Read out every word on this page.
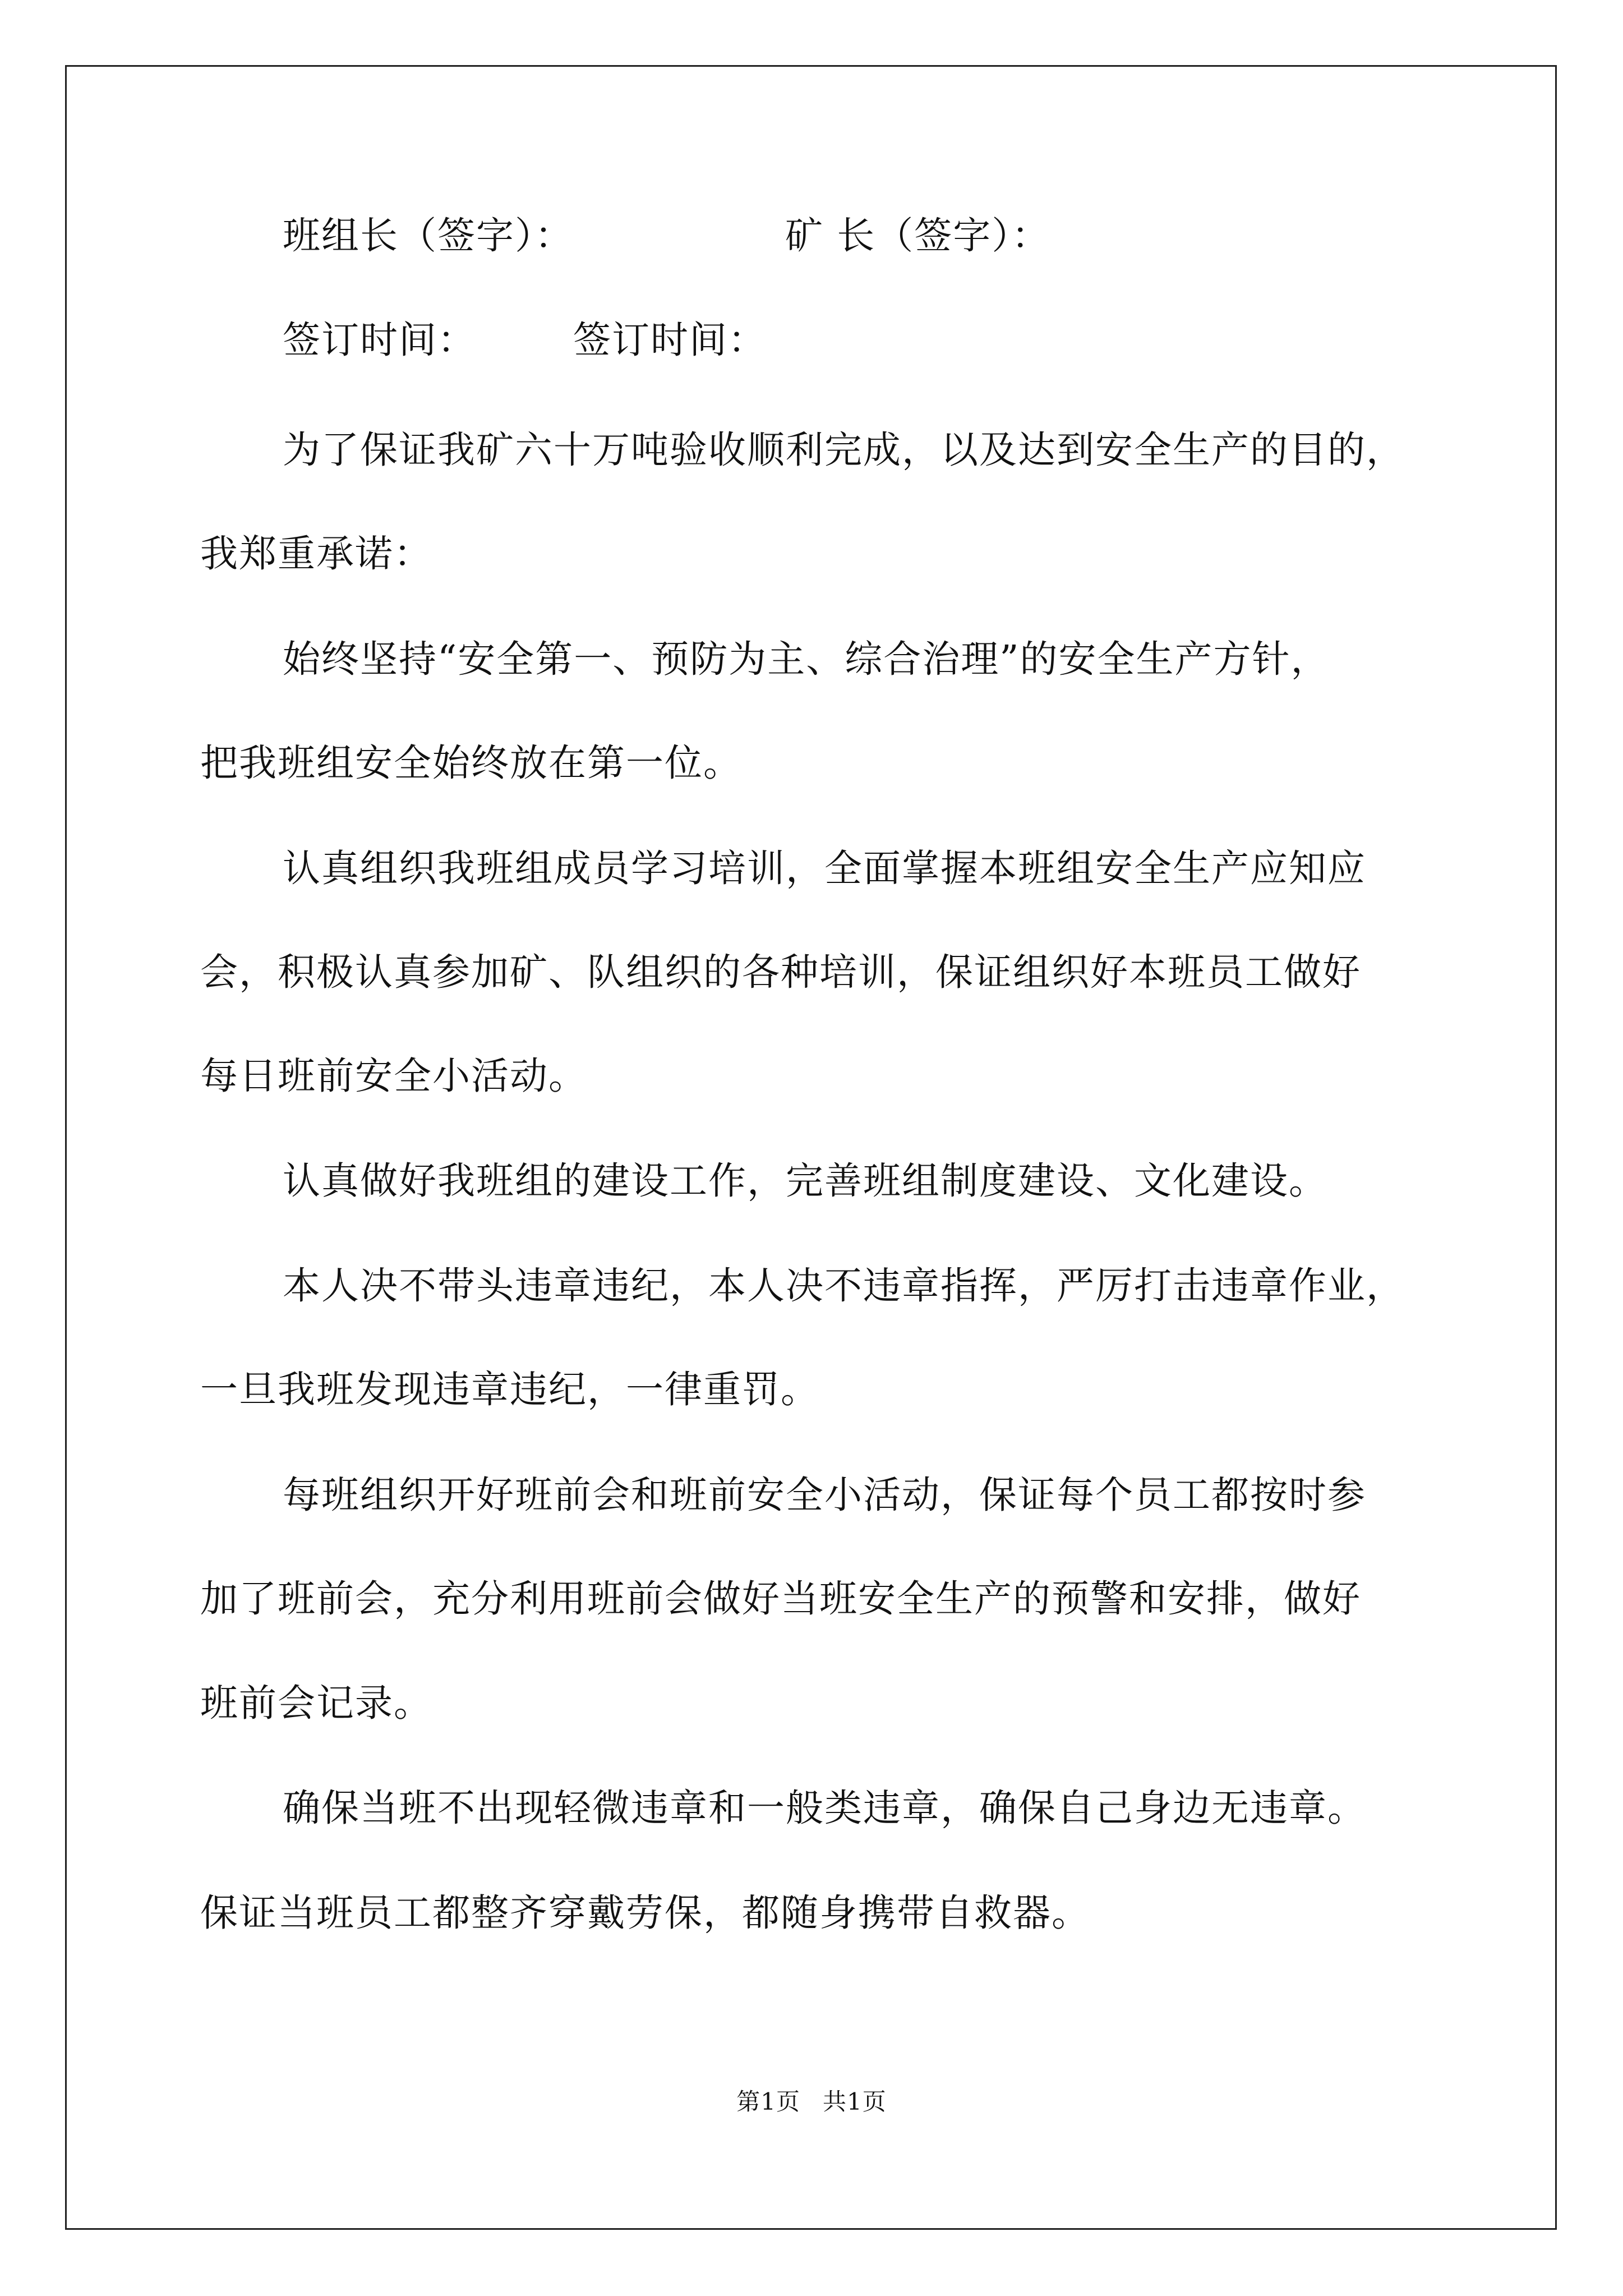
班组长（签字）：	矿 长（签字）：
签订时间：	签订时间：
为了保证我矿六十万吨验收顺利完成，以及达到安全生产的目的，
我郑重承诺：
始终坚持“安全第一、预防为主、综合治理”的安全生产方针，
把我班组安全始终放在第一位。
认真组织我班组成员学习培训，全面掌握本班组安全生产应知应
会，积极认真参加矿、队组织的各种培训，保证组织好本班员工做好
每日班前安全小活动。
认真做好我班组的建设工作，完善班组制度建设、文化建设。
本人决不带头违章违纪，本人决不违章指挥，严厉打击违章作业，
一旦我班发现违章违纪，一律重罚。
每班组织开好班前会和班前安全小活动，保证每个员工都按时参
加了班前会，充分利用班前会做好当班安全生产的预警和安排，做好
班前会记录。
确保当班不出现轻微违章和一般类违章，确保自己身边无违章。
保证当班员工都整齐穿戴劳保，都随身携带自救器。
第1页 共1页
